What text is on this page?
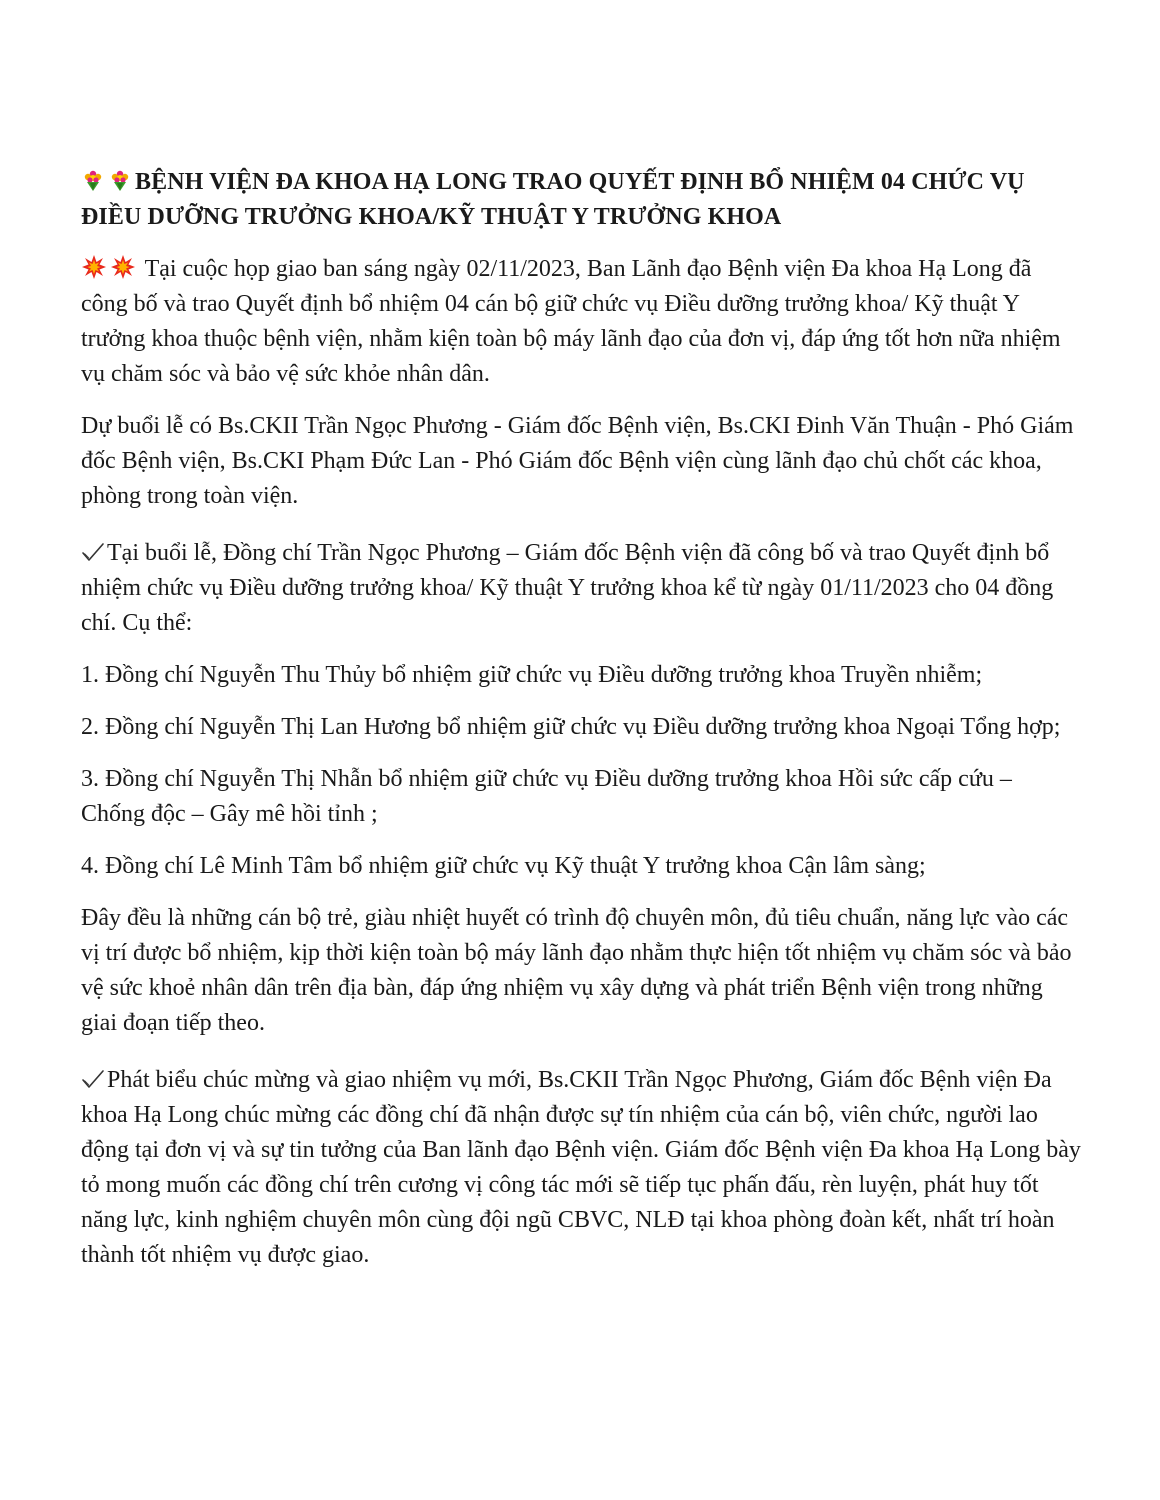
BỆNH VIỆN ĐA KHOA HẠ LONG TRAO QUYẾT ĐỊNH BỔ NHIỆM 04 CHỨC VỤ ĐIỀU DƯỠNG TRƯỞNG KHOA/KỸ THUẬT Y TRƯỞNG KHOA
Tại cuộc họp giao ban sáng ngày 02/11/2023, Ban Lãnh đạo Bệnh viện Đa khoa Hạ Long đã công bố và trao Quyết định bổ nhiệm 04 cán bộ giữ chức vụ Điều dưỡng trưởng khoa/ Kỹ thuật Y trưởng khoa thuộc bệnh viện, nhằm kiện toàn bộ máy lãnh đạo của đơn vị, đáp ứng tốt hơn nữa nhiệm vụ chăm sóc và bảo vệ sức khỏe nhân dân.
Dự buổi lễ có Bs.CKII Trần Ngọc Phương - Giám đốc Bệnh viện, Bs.CKI Đinh Văn Thuận - Phó Giám đốc Bệnh viện, Bs.CKI Phạm Đức Lan - Phó Giám đốc Bệnh viện cùng lãnh đạo chủ chốt các khoa, phòng trong toàn viện.
Tại buổi lễ, Đồng chí Trần Ngọc Phương – Giám đốc Bệnh viện đã công bố và trao Quyết định bổ nhiệm chức vụ Điều dưỡng trưởng khoa/ Kỹ thuật Y trưởng khoa kể từ ngày 01/11/2023 cho 04 đồng chí. Cụ thể:
1. Đồng chí Nguyễn Thu Thủy bổ nhiệm giữ chức vụ Điều dưỡng trưởng khoa Truyền nhiễm;
2. Đồng chí Nguyễn Thị Lan Hương bổ nhiệm giữ chức vụ Điều dưỡng trưởng khoa Ngoại Tổng hợp;
3. Đồng chí Nguyễn Thị Nhẫn bổ nhiệm giữ chức vụ Điều dưỡng trưởng khoa Hồi sức cấp cứu – Chống độc – Gây mê hồi tỉnh ;
4. Đồng chí Lê Minh Tâm bổ nhiệm giữ chức vụ Kỹ thuật Y trưởng khoa Cận lâm sàng;
Đây đều là những cán bộ trẻ, giàu nhiệt huyết có trình độ chuyên môn, đủ tiêu chuẩn, năng lực vào các vị trí được bổ nhiệm, kịp thời kiện toàn bộ máy lãnh đạo nhằm thực hiện tốt nhiệm vụ chăm sóc và bảo vệ sức khoẻ nhân dân trên địa bàn, đáp ứng nhiệm vụ xây dựng và phát triển Bệnh viện trong những giai đoạn tiếp theo.
Phát biểu chúc mừng và giao nhiệm vụ mới, Bs.CKII Trần Ngọc Phương, Giám đốc Bệnh viện Đa khoa Hạ Long chúc mừng các đồng chí đã nhận được sự tín nhiệm của cán bộ, viên chức, người lao động tại đơn vị và sự tin tưởng của Ban lãnh đạo Bệnh viện. Giám đốc Bệnh viện Đa khoa Hạ Long bày tỏ mong muốn các đồng chí trên cương vị công tác mới sẽ tiếp tục phấn đấu, rèn luyện, phát huy tốt năng lực, kinh nghiệm chuyên môn cùng đội ngũ CBVC, NLĐ tại khoa phòng đoàn kết, nhất trí hoàn thành tốt nhiệm vụ được giao.
